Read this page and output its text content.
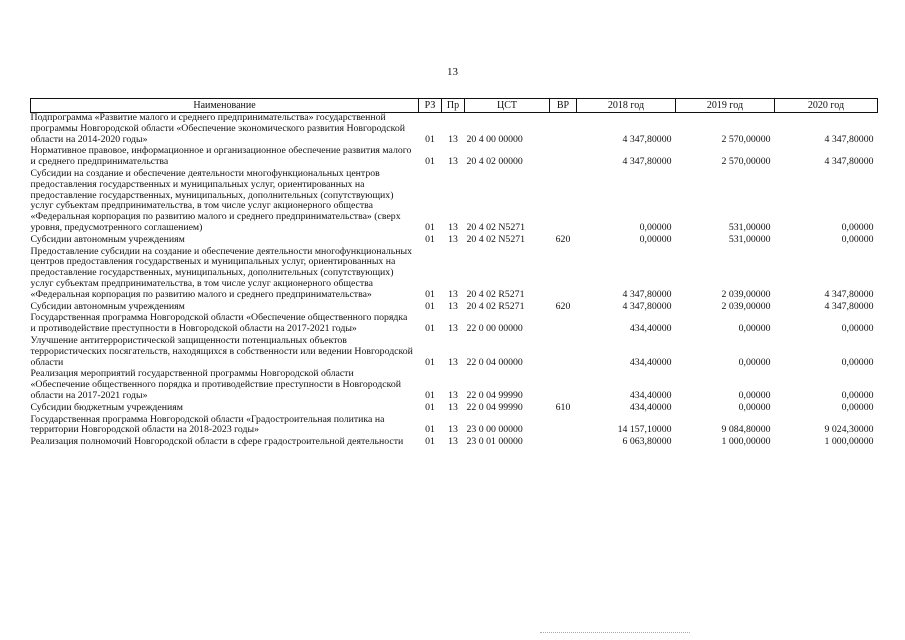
13
Наименование	РЗ	Пр	ЦСТ	ВР	2018 год	2019 год	2020 год
Подпрограмма «Развитие малого и среднего предпринимательства» государственной программы Новгородской области «Обеспечение экономического развития Новгородской области на 2014-2020 годы»	01	13	20 4 00 00000		4 347,80000	2 570,00000	4 347,80000
Нормативное правовое, информационное и организационное обеспечение развития малого и среднего предпринимательства	01	13	20 4 02 00000		4 347,80000	2 570,00000	4 347,80000
Субсидии на создание и обеспечение деятельности многофункциональных центров предоставления государственных и муниципальных услуг, ориентированных на предоставление государственных, муниципальных, дополнительных (сопутствующих) услуг субъектам предпринимательства, в том числе услуг акционерного общества «Федеральная корпорация по развитию малого и среднего предпринимательства» (сверх уровня, предусмотренного соглашением)	01	13	20 4 02 N5271		0,00000	531,00000	0,00000
Субсидии автономным учреждениям	01	13	20 4 02 N5271	620	0,00000	531,00000	0,00000
Предоставление субсидии на создание и обеспечение деятельности многофункциональных центров предоставления государственых и муниципальных услуг, ориентированных на предоставление государственных, муниципальных, дополнительных (сопутствующих) услуг субъектам предпринимательства, в том числе услуг акционерного общества «Федеральная корпорация по развитию малого и среднего предпринимательства»	01	13	20 4 02 R5271		4 347,80000	2 039,00000	4 347,80000
Субсидии автономным учреждениям	01	13	20 4 02 R5271	620	4 347,80000	2 039,00000	4 347,80000
Государственная программа Новгородской области «Обеспечение общественного порядка и противодействие преступности в Новгородской области на 2017-2021 годы»	01	13	22 0 00 00000		434,40000	0,00000	0,00000
Улучшение антитеррористической защищенности потенциальных объектов террористических посягательств, находящихся в собственности или ведении Новгородской области	01	13	22 0 04 00000		434,40000	0,00000	0,00000
Реализация мероприятий государственной программы Новгородской области «Обеспечение общественного порядка и противодействие преступности в Новгородской области на 2017-2021 годы»	01	13	22 0 04 99990		434,40000	0,00000	0,00000
Субсидии бюджетным учреждениям	01	13	22 0 04 99990	610	434,40000	0,00000	0,00000
Государственная программа Новгородской области «Градостроительная политика на территории Новгородской области на 2018-2023 годы»	01	13	23 0 00 00000		14 157,10000	9 084,80000	9 024,30000
Реализация полномочий Новгородской области в сфере градостроительной деятельности	01	13	23 0 01 00000		6 063,80000	1 000,00000	1 000,00000
